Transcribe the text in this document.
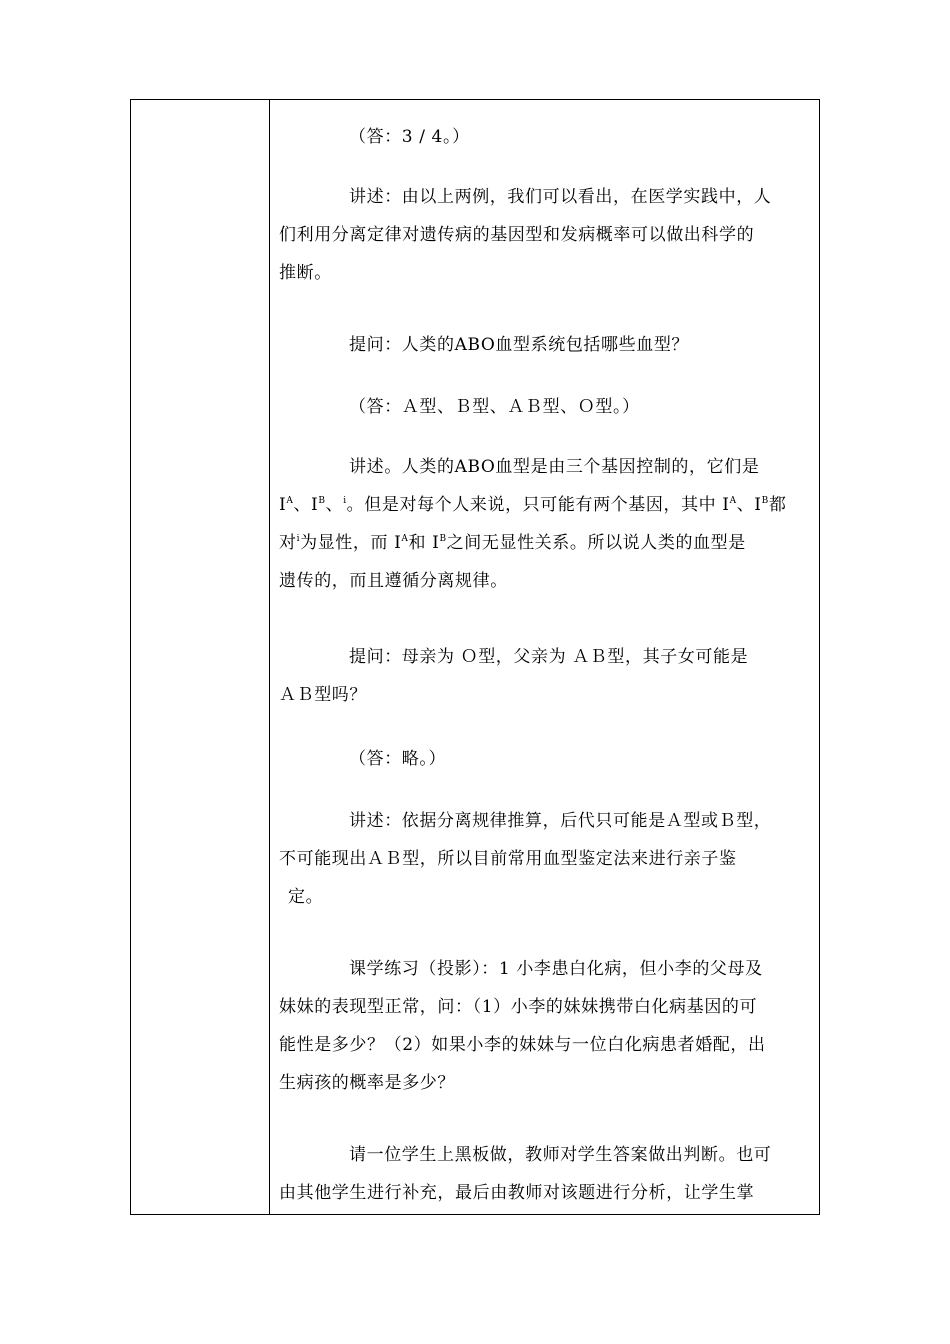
（答：3 / 4。）

讲述：由以上两例，我们可以看出，在医学实践中，人
们利用分离定律对遗传病的基因型和发病概率可以做出科学的
推断。

提问：人类的ABO血型系统包括哪些血型？

（答：Ａ型、Ｂ型、ＡＢ型、Ｏ型。）

讲述。人类的ABO血型是由三个基因控制的，它们是
$I^A$、$I^B$、$^i$。但是对每个人来说，只可能有两个基因，其中 $I^A$、$I^B$都
对$^i$为显性，而 $I^A$和 $I^B$之间无显性关系。所以说人类的血型是
遗传的，而且遵循分离规律。

提问：母亲为 Ｏ型，父亲为 ＡＢ型，其子女可能是
ＡＢ型吗？

（答：略。）

讲述：依据分离规律推算，后代只可能是Ａ型或Ｂ型，
不可能现出ＡＢ型，所以目前常用血型鉴定法来进行亲子鉴
定。

课学练习（投影）：1 小李患白化病，但小李的父母及
妹妹的表现型正常，问：（1）小李的妹妹携带白化病基因的可
能性是多少？（2）如果小李的妹妹与一位白化病患者婚配，出
生病孩的概率是多少？

请一位学生上黑板做，教师对学生答案做出判断。也可
由其他学生进行补充，最后由教师对该题进行分析，让学生掌
